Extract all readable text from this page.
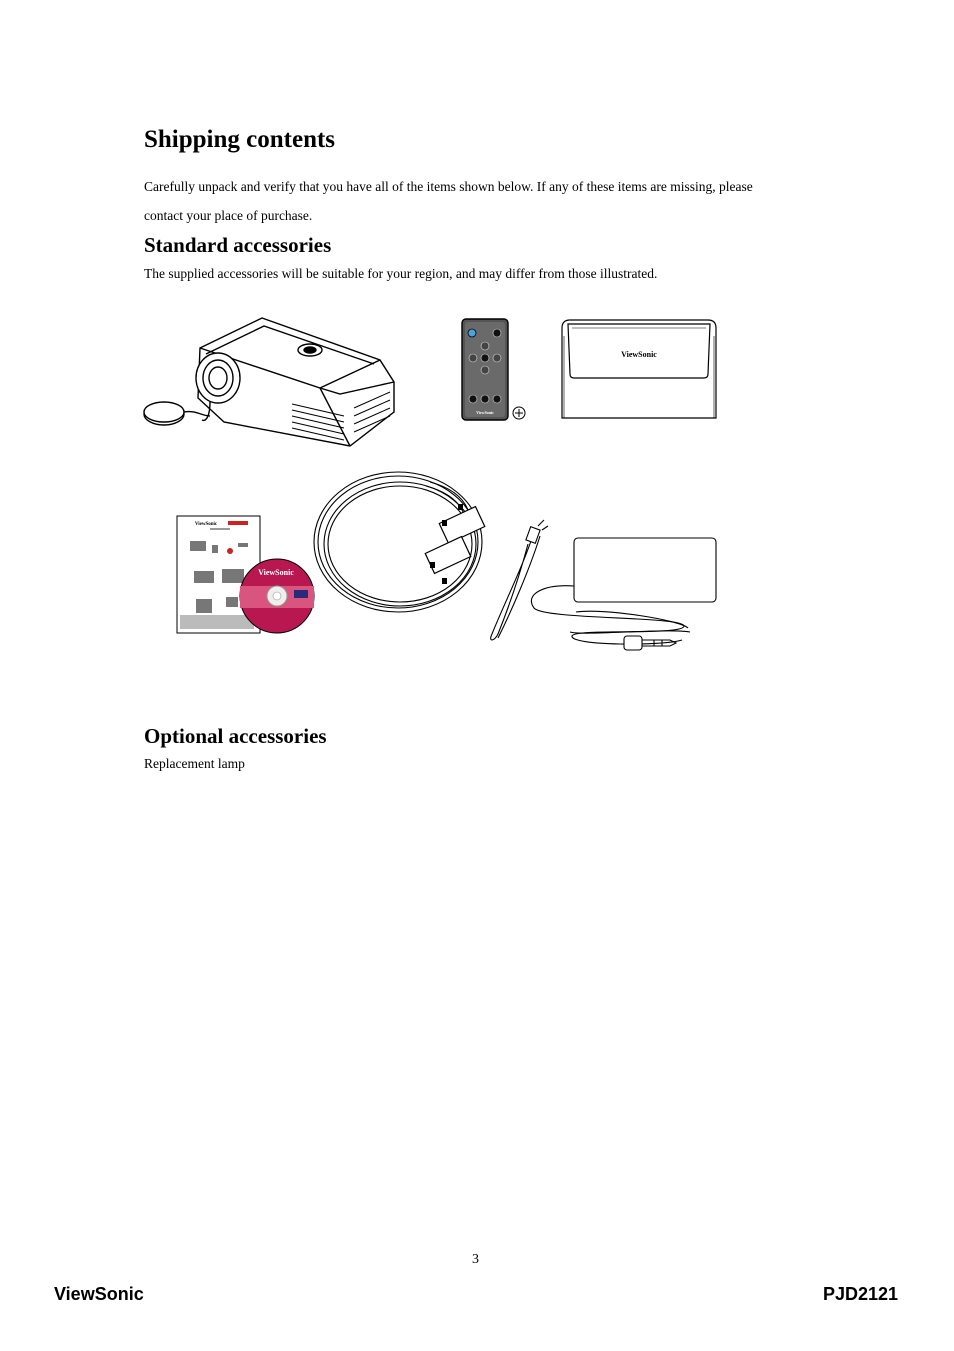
Shipping contents

Carefully unpack and verify that you have all of the items shown below. If any of these items are missing, please

contact your place of purchase.

Standard accessories

The supplied accessories will be suitable for your region, and may differ from those illustrated.

ViewSonic
ViewSonic
ViewSonic
ViewSonic
Optional accessories

Replacement lamp

3

ViewSonic	PJD2121
